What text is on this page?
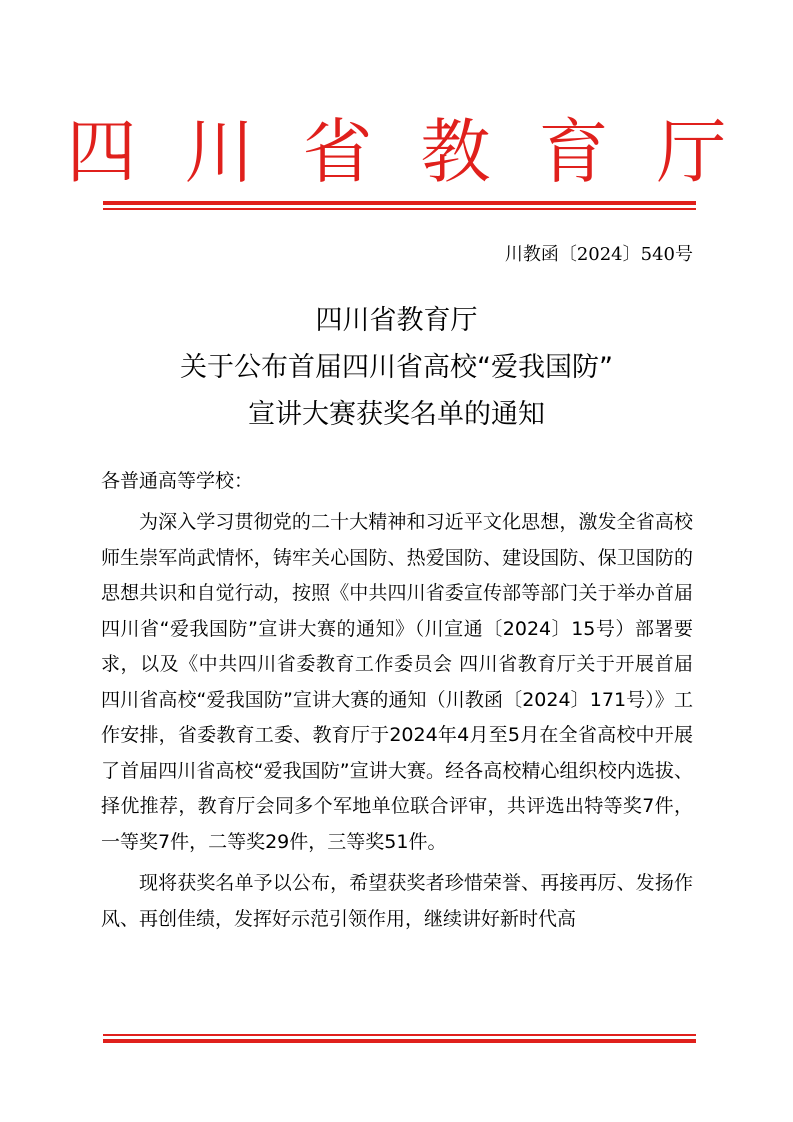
四川省教育厅
川教函〔2024〕540号
四川省教育厅
关于公布首届四川省高校“爱我国防”
宣讲大赛获奖名单的通知
各普通高等学校：

为深入学习贯彻党的二十大精神和习近平文化思想，激发全省高校师生崇军尚武情怀，铸牢关心国防、热爱国防、建设国防、保卫国防的思想共识和自觉行动，按照《中共四川省委宣传部等部门关于举办首届四川省“爱我国防”宣讲大赛的通知》（川宣通〔2024〕15号）部署要求，以及《中共四川省委教育工作委员会 四川省教育厅关于开展首届四川省高校“爱我国防”宣讲大赛的通知（川教函〔2024〕171号）》工作安排，省委教育工委、教育厅于2024年4月至5月在全省高校中开展了首届四川省高校“爱我国防”宣讲大赛。经各高校精心组织校内选拔、择优推荐，教育厅会同多个军地单位联合评审，共评选出特等奖7件，一等奖7件，二等奖29件，三等奖51件。

现将获奖名单予以公布，希望获奖者珍惜荣誉、再接再厉、发扬作风、再创佳绩，发挥好示范引领作用，继续讲好新时代高
